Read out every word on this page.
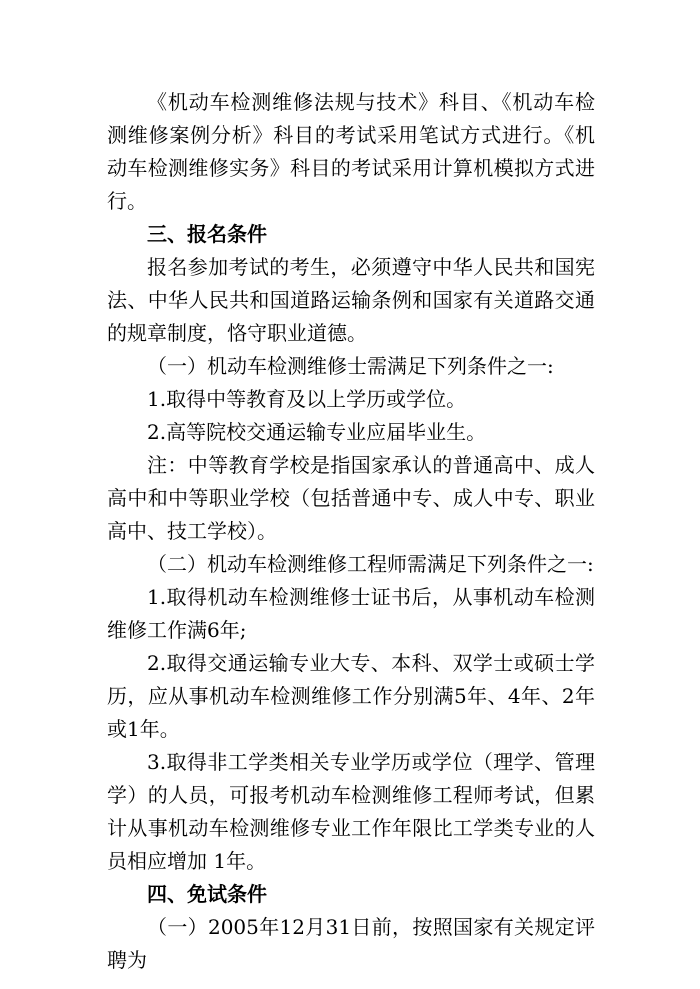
《机动车检测维修法规与技术》科目、《机动车检测维修案例分析》科目的考试采用笔试方式进行。《机动车检测维修实务》科目的考试采用计算机模拟方式进行。

三、报名条件

报名参加考试的考生，必须遵守中华人民共和国宪法、中华人民共和国道路运输条例和国家有关道路交通的规章制度，恪守职业道德。

（一）机动车检测维修士需满足下列条件之一:

1.取得中等教育及以上学历或学位。

2.高等院校交通运输专业应届毕业生。

注：中等教育学校是指国家承认的普通高中、成人高中和中等职业学校（包括普通中专、成人中专、职业高中、技工学校）。

（二）机动车检测维修工程师需满足下列条件之一:

1.取得机动车检测维修士证书后，从事机动车检测维修工作满6年;

2.取得交通运输专业大专、本科、双学士或硕士学历，应从事机动车检测维修工作分别满5年、4年、2年或1年。

3.取得非工学类相关专业学历或学位（理学、管理学）的人员，可报考机动车检测维修工程师考试，但累计从事机动车检测维修专业工作年限比工学类专业的人员相应增加 1年。

四、免试条件

（一）2005年12月31日前，按照国家有关规定评聘为
